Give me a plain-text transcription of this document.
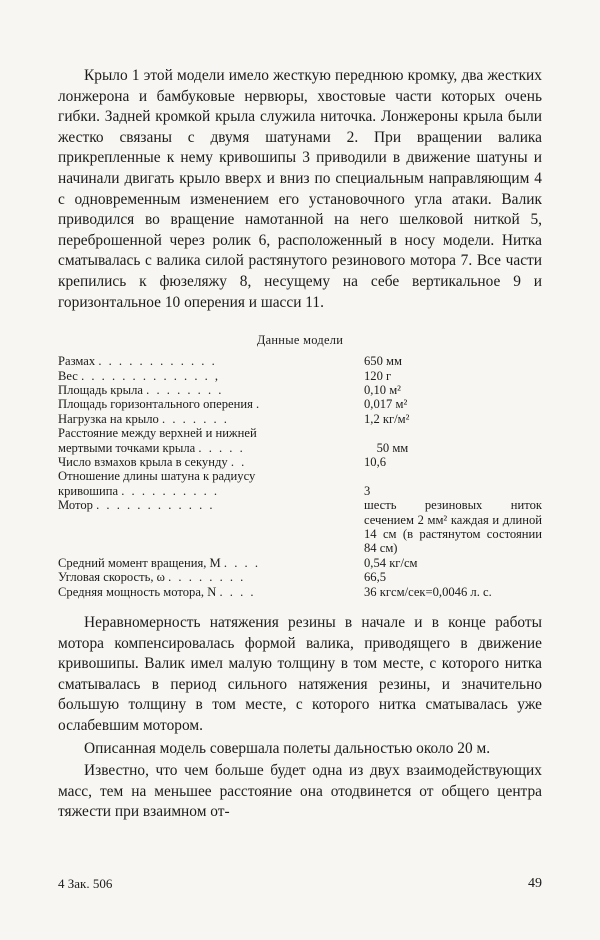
Крыло 1 этой модели имело жесткую переднюю кромку, два жестких лонжерона и бамбуковые нервюры, хвостовые части которых очень гибки. Задней кромкой крыла служила ниточка. Лонжероны крыла были жестко связаны с двумя шатунами 2. При вращении валика прикрепленные к нему кривошипы 3 приводили в движение шатуны и начинали двигать крыло вверх и вниз по специальным направляющим 4 с одновременным изменением его установочного угла атаки. Валик приводился во вращение намотанной на него шелковой ниткой 5, переброшенной через ролик 6, расположенный в носу модели. Нитка сматывалась с валика силой растянутого резинового мотора 7. Все части крепились к фюзеляжу 8, несущему на себе вертикальное 9 и горизонтальное 10 оперения и шасси 11.

Данные модели
Размах . . . . . . . . . . . .	650 мм
Вес . . . . . . . . . . . . . ,	120 г
Площадь крыла . . . . . . . .	0,10 м²
Площадь горизонтального оперения .	0,017 м²
Нагрузка на крыло . . . . . . .	1,2 кг/м²
Расстояние между верхней и нижней	
мертвыми точками крыла . . . . .	50 мм
Число взмахов крыла в секунду . .	10,6
Отношение длины шатуна к радиусу	
кривошипа . . . . . . . . . .	3
Мотор . . . . . . . . . . . .	шесть резиновых ниток сечением 2 мм² каждая и длиной 14 см (в растянутом состоянии 84 см)
Средний момент вращения, M . . . .	0,54 кг/см
Угловая скорость, ω . . . . . . . .	66,5
Средняя мощность мотора, N . . . .	36 кгсм/сек=0,0046 л. с.

Неравномерность натяжения резины в начале и в конце работы мотора компенсировалась формой валика, приводящего в движение кривошипы. Валик имел малую толщину в том месте, с которого нитка сматывалась в период сильного натяжения резины, и значительно большую толщину в том месте, с которого нитка сматывалась уже ослабевшим мотором.

Описанная модель совершала полеты дальностью около 20 м.

Известно, что чем больше будет одна из двух взаимодействующих масс, тем на меньшее расстояние она отодвинется от общего центра тяжести при взаимном от-

4 Зак. 506	49
